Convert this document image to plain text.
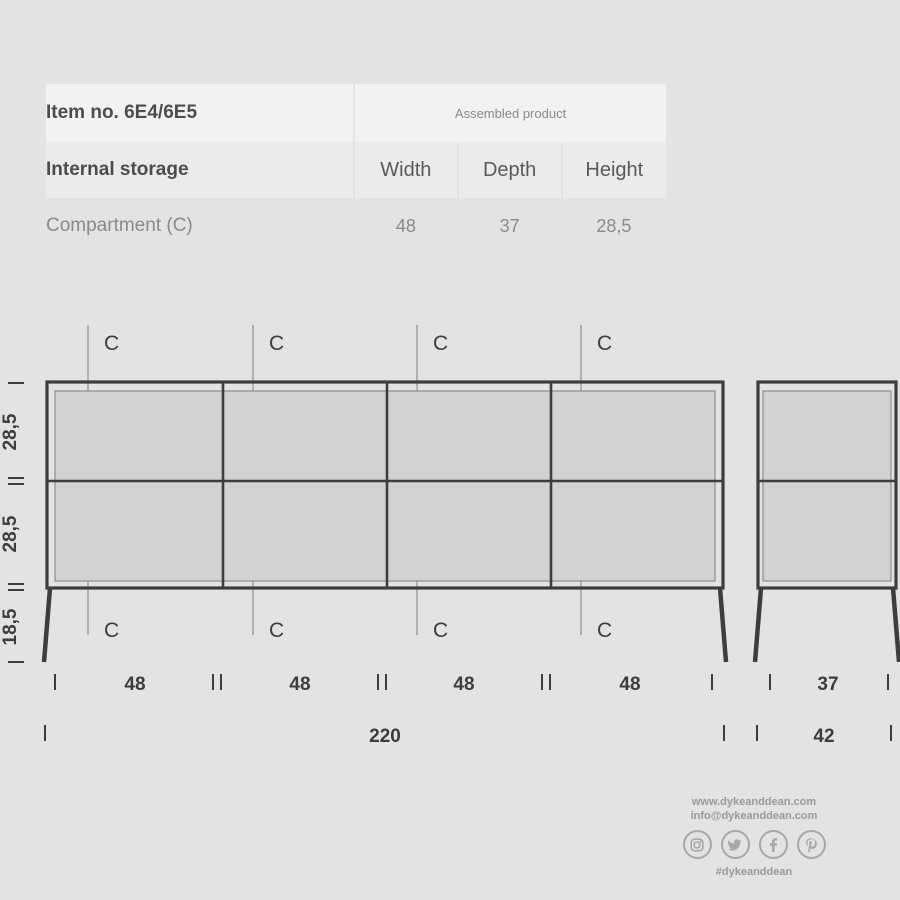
Item no. 6E4/6E5	Assembled product		
Internal storage	Width	Depth	Height
Compartment (C)	48	37	28,5
C	C	C	C
C	C	C	C
28,5
28,5
18,5
48	48	48	48	37
220	42
www.dykeanddean.com
info@dykeanddean.com
#dykeanddean
